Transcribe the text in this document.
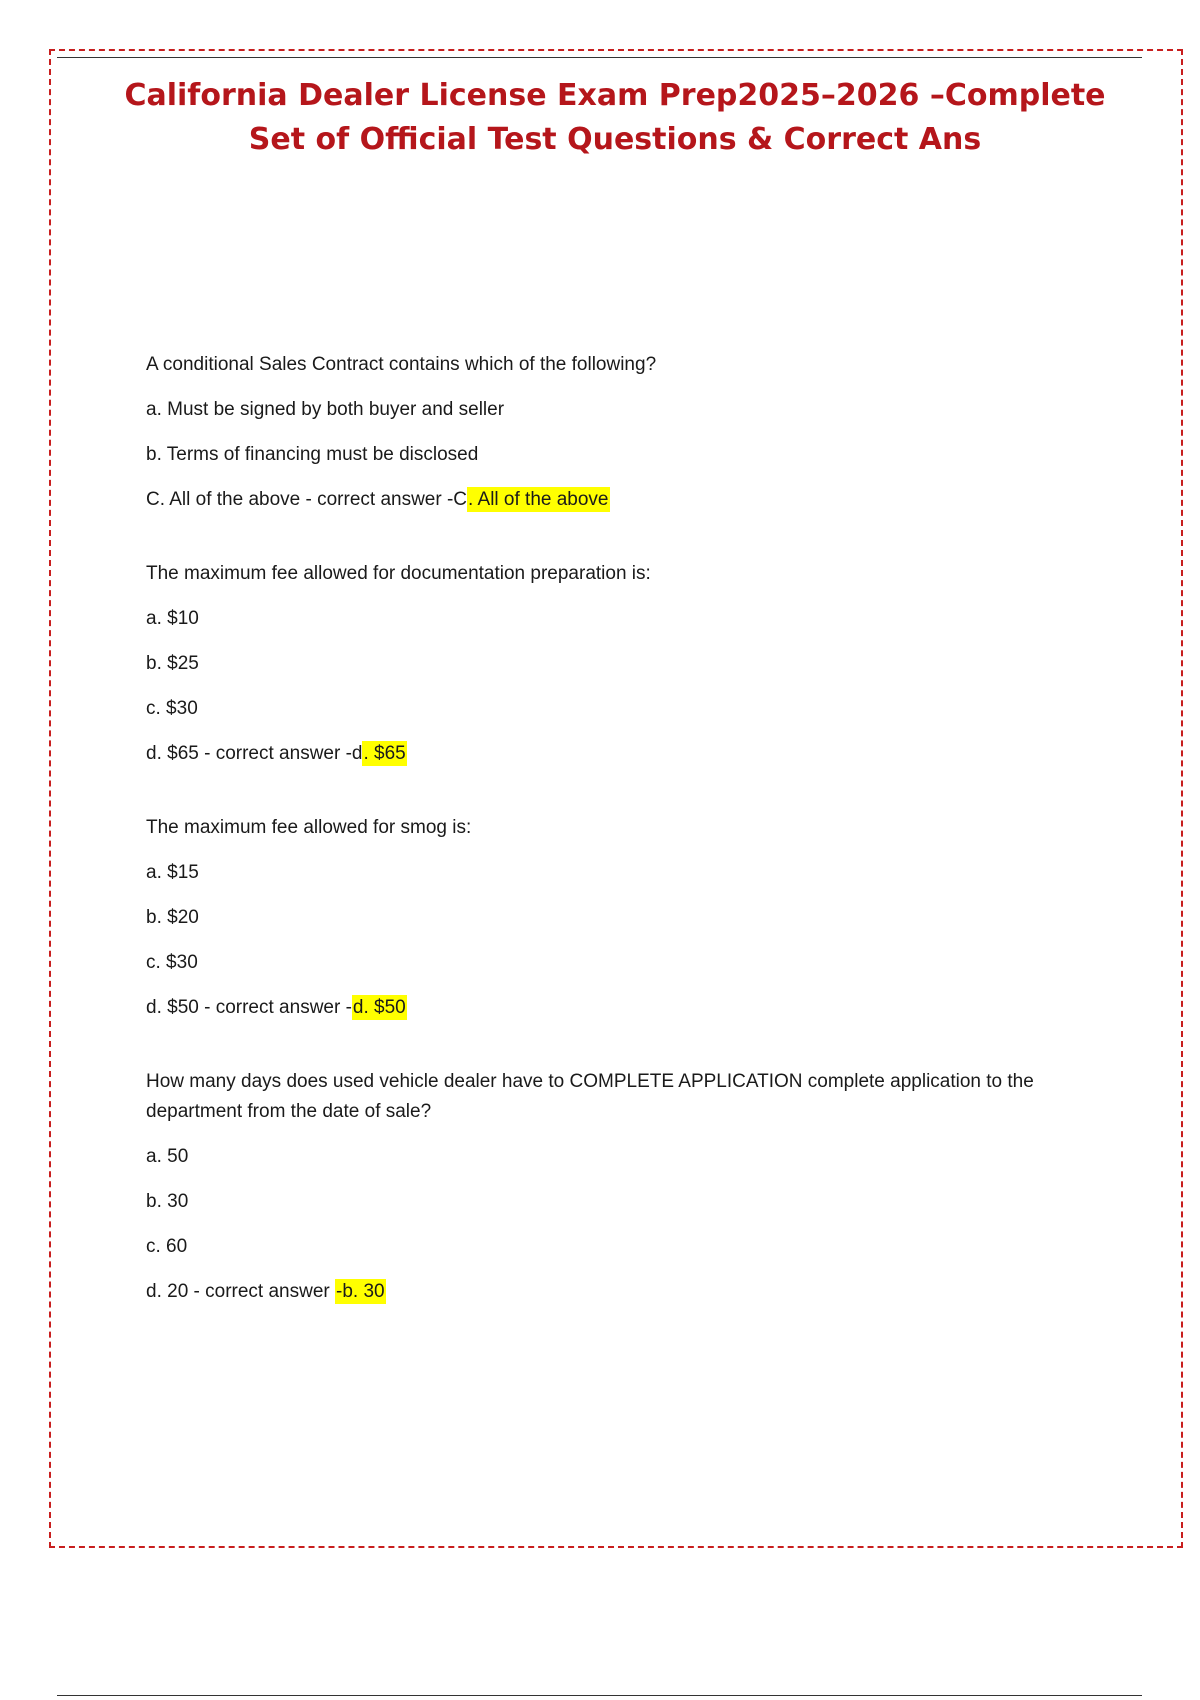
California Dealer License Exam Prep2025–2026 –Complete
Set of Official Test Questions & Correct Ans

A conditional Sales Contract contains which of the following?

a. Must be signed by both buyer and seller

b. Terms of financing must be disclosed

C. All of the above - correct answer -C. All of the above

The maximum fee allowed for documentation preparation is:

a. $10

b. $25

c. $30

d. $65 - correct answer -d. $65

The maximum fee allowed for smog is:

a. $15

b. $20

c. $30

d. $50 - correct answer -d. $50

How many days does used vehicle dealer have to COMPLETE APPLICATION complete application to the department from the date of sale?

a. 50

b. 30

c. 60

d. 20 - correct answer -b. 30
